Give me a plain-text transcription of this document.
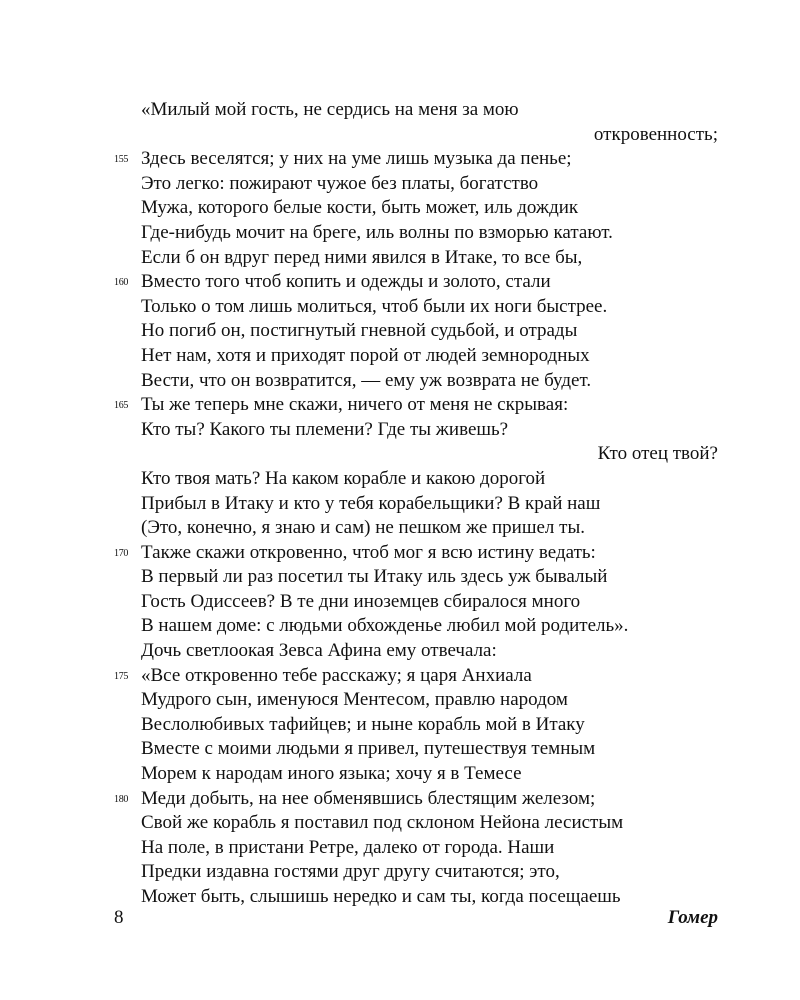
«Милый мой гость, не сердись на меня за мою
откровенность;
Здесь веселятся; у них на уме лишь музыка да пенье;
155
Это легко: пожирают чужое без платы, богатство
Мужа, которого белые кости, быть может, иль дождик
Где-нибудь мочит на бреге, иль волны по взморью катают.
Если б он вдруг перед ними явился в Итаке, то все бы,
Вместо того чтоб копить и одежды и золото, стали
160
Только о том лишь молиться, чтоб были их ноги быстрее.
Но погиб он, постигнутый гневной судьбой, и отрады
Нет нам, хотя и приходят порой от людей земнородных
Вести, что он возвратится, — ему уж возврата не будет.
Ты же теперь мне скажи, ничего от меня не скрывая:
165
Кто ты? Какого ты племени? Где ты живешь?
Кто отец твой?
Кто твоя мать? На каком корабле и какою дорогой
Прибыл в Итаку и кто у тебя корабельщики? В край наш
(Это, конечно, я знаю и сам) не пешком же пришел ты.
Также скажи откровенно, чтоб мог я всю истину ведать:
170
В первый ли раз посетил ты Итаку иль здесь уж бывалый
Гость Одиссеев? В те дни иноземцев сбиралося много
В нашем доме: с людьми обхожденье любил мой родитель».
Дочь светлоокая Зевса Афина ему отвечала:
«Все откровенно тебе расскажу; я царя Анхиала
175
Мудрого сын, именуюся Ментесом, правлю народом
Веслолюбивых тафийцев; и ныне корабль мой в Итаку
Вместе с моими людьми я привел, путешествуя темным
Морем к народам иного языка; хочу я в Темесе
Меди добыть, на нее обменявшись блестящим железом;
180
Свой же корабль я поставил под склоном Нейона лесистым
На поле, в пристани Ретре, далеко от города. Наши
Предки издавна гостями друг другу считаются; это,
Может быть, слышишь нередко и сам ты, когда посещаешь
8	Гомер
